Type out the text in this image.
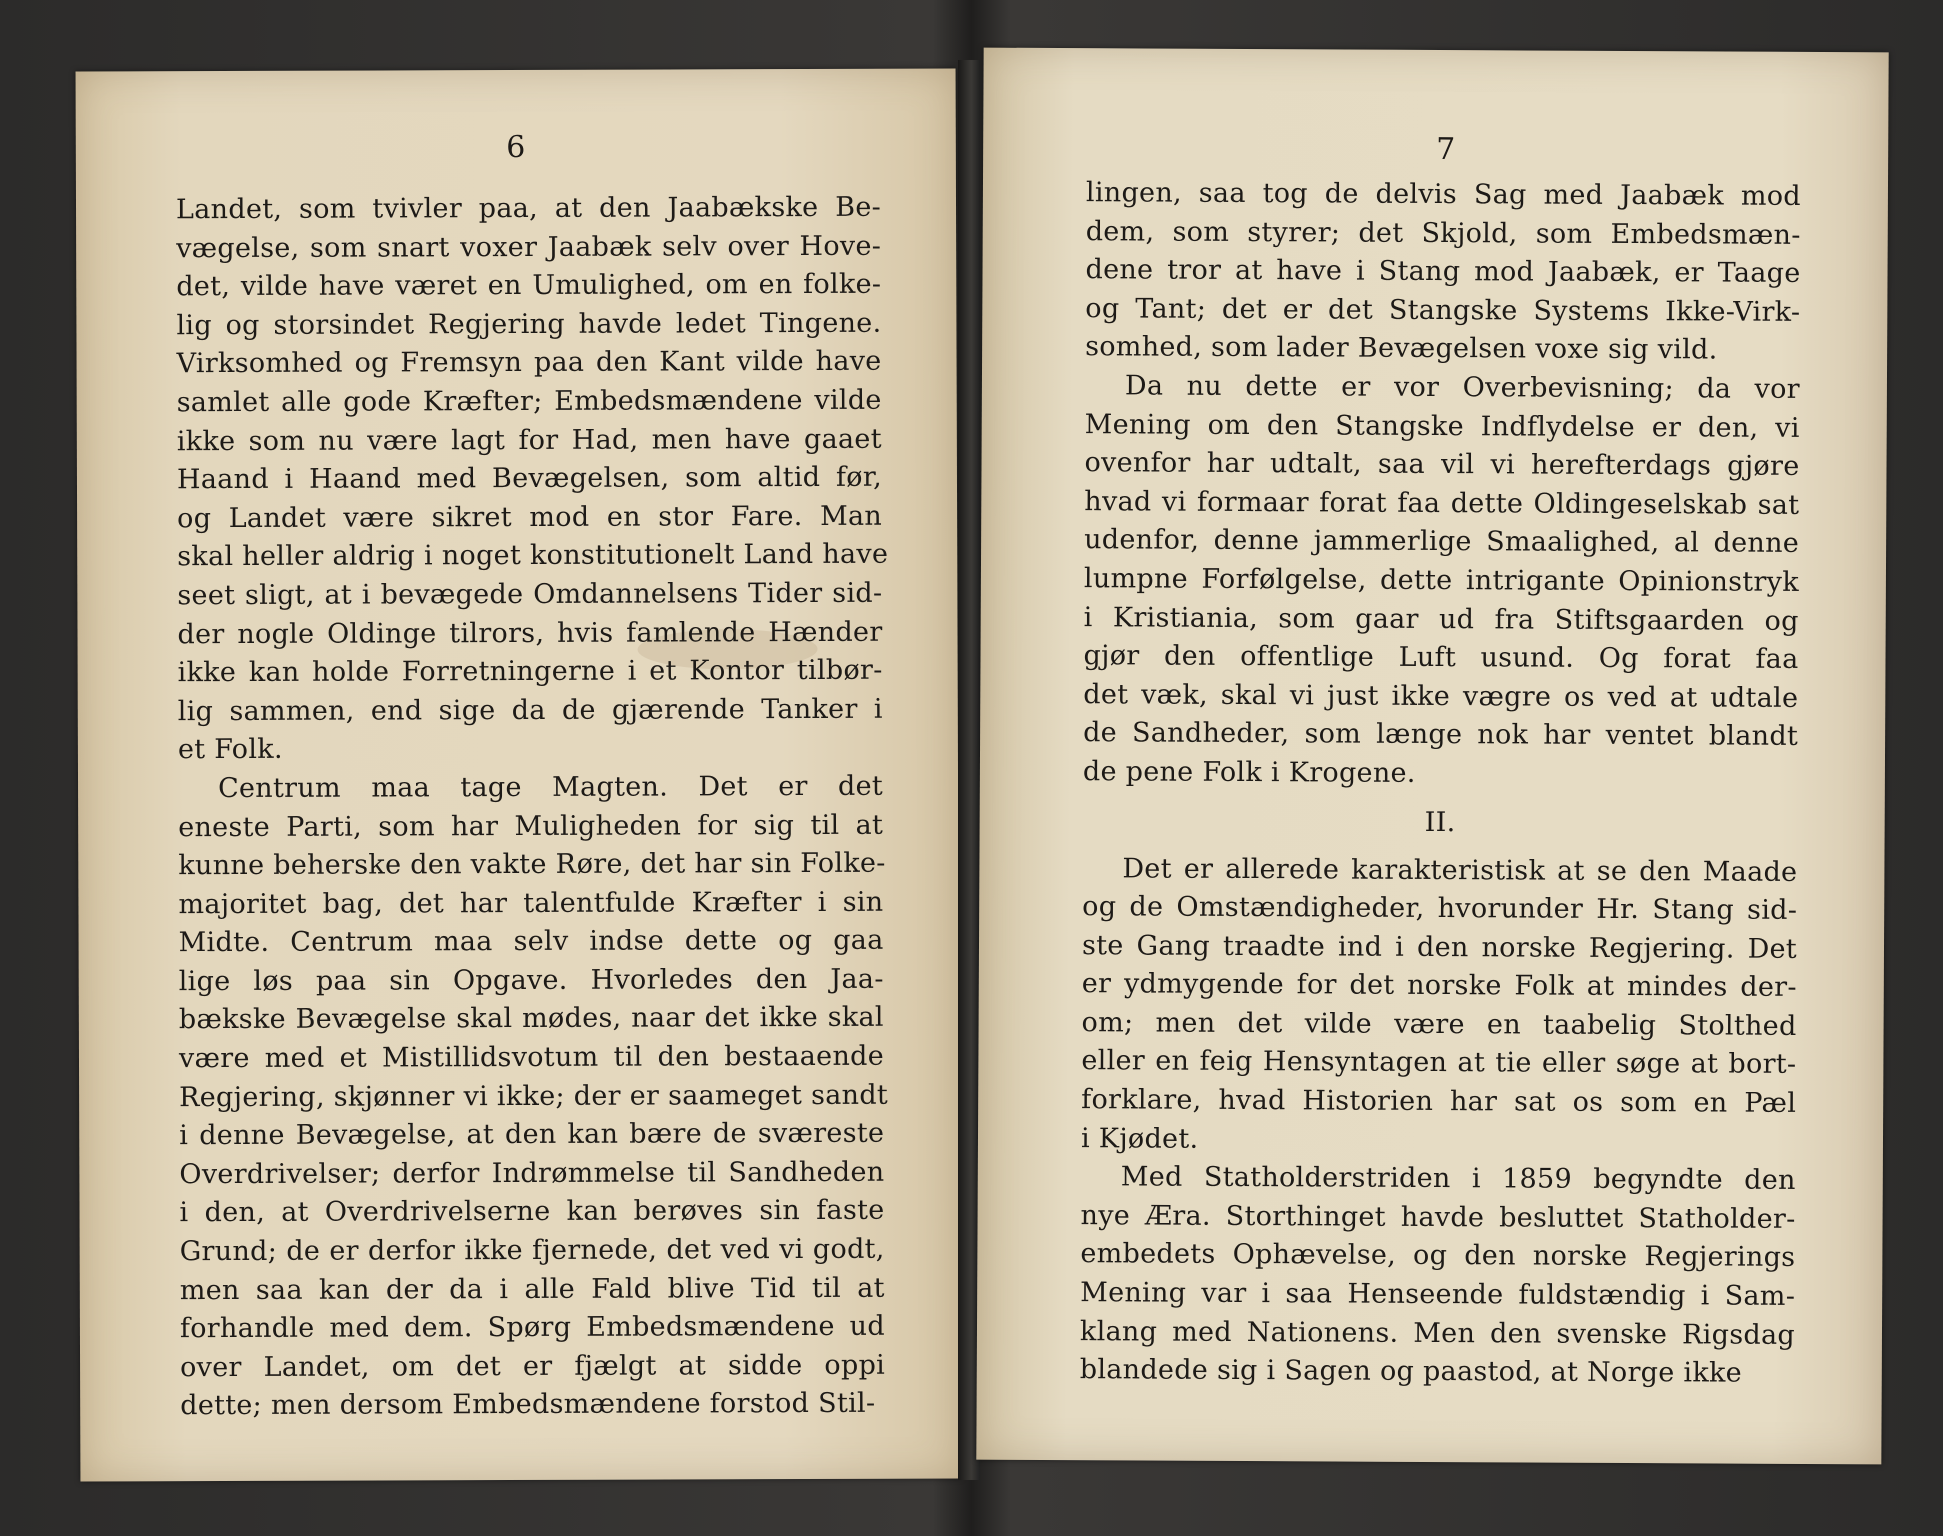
6
Landet, som tvivler paa, at den Jaabækske Be-
vægelse, som snart voxer Jaabæk selv over Hove-
det, vilde have været en Umulighed, om en folke-
lig og storsindet Regjering havde ledet Tingene.
Virksomhed og Fremsyn paa den Kant vilde have
samlet alle gode Kræfter; Embedsmændene vilde
ikke som nu være lagt for Had, men have gaaet
Haand i Haand med Bevægelsen, som altid før,
og Landet være sikret mod en stor Fare. Man
skal heller aldrig i noget konstitutionelt Land have
seet sligt, at i bevægede Omdannelsens Tider sid-
der nogle Oldinge tilrors, hvis famlende Hænder
ikke kan holde Forretningerne i et Kontor tilbør-
lig sammen, end sige da de gjærende Tanker i
et Folk.
Centrum maa tage Magten. Det er det
eneste Parti, som har Muligheden for sig til at
kunne beherske den vakte Røre, det har sin Folke-
majoritet bag, det har talentfulde Kræfter i sin
Midte. Centrum maa selv indse dette og gaa
lige løs paa sin Opgave. Hvorledes den Jaa-
bækske Bevægelse skal mødes, naar det ikke skal
være med et Mistillidsvotum til den bestaaende
Regjering, skjønner vi ikke; der er saameget sandt
i denne Bevægelse, at den kan bære de sværeste
Overdrivelser; derfor Indrømmelse til Sandheden
i den, at Overdrivelserne kan berøves sin faste
Grund; de er derfor ikke fjernede, det ved vi godt,
men saa kan der da i alle Fald blive Tid til at
forhandle med dem. Spørg Embedsmændene ud
over Landet, om det er fjælgt at sidde oppi
dette; men dersom Embedsmændene forstod Stil-
7
lingen, saa tog de delvis Sag med Jaabæk mod
dem, som styrer; det Skjold, som Embedsmæn-
dene tror at have i Stang mod Jaabæk, er Taage
og Tant; det er det Stangske Systems Ikke-Virk-
somhed, som lader Bevægelsen voxe sig vild.
Da nu dette er vor Overbevisning; da vor
Mening om den Stangske Indflydelse er den, vi
ovenfor har udtalt, saa vil vi herefterdags gjøre
hvad vi formaar forat faa dette Oldingeselskab sat
udenfor, denne jammerlige Smaalighed, al denne
lumpne Forfølgelse, dette intrigante Opinionstryk
i Kristiania, som gaar ud fra Stiftsgaarden og
gjør den offentlige Luft usund. Og forat faa
det væk, skal vi just ikke vægre os ved at udtale
de Sandheder, som længe nok har ventet blandt
de pene Folk i Krogene.
II.
Det er allerede karakteristisk at se den Maade
og de Omstændigheder, hvorunder Hr. Stang sid-
ste Gang traadte ind i den norske Regjering. Det
er ydmygende for det norske Folk at mindes der-
om; men det vilde være en taabelig Stolthed
eller en feig Hensyntagen at tie eller søge at bort-
forklare, hvad Historien har sat os som en Pæl
i Kjødet.
Med Statholderstriden i 1859 begyndte den
nye Æra. Storthinget havde besluttet Statholder-
embedets Ophævelse, og den norske Regjerings
Mening var i saa Henseende fuldstændig i Sam-
klang med Nationens. Men den svenske Rigsdag
blandede sig i Sagen og paastod, at Norge ikke
